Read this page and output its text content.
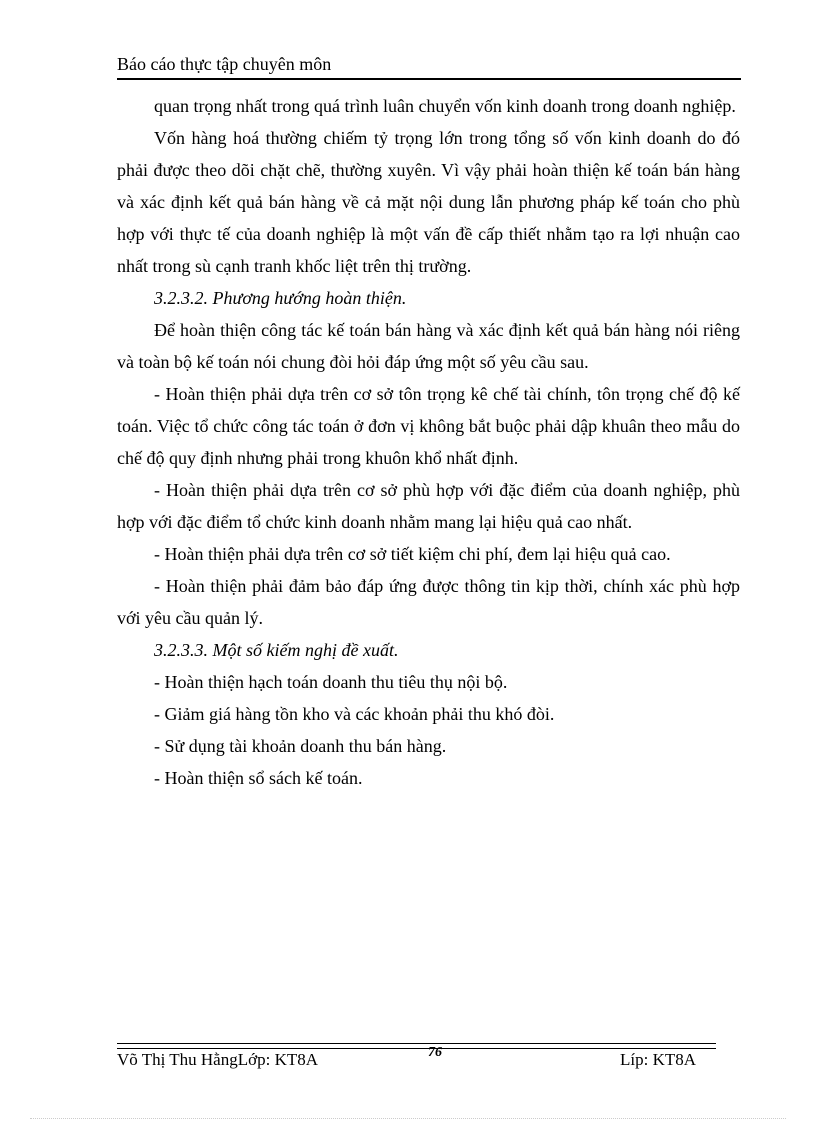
Báo cáo thực tập chuyên môn

quan trọng nhất trong quá trình luân chuyển vốn kinh doanh trong doanh nghiệp.

Vốn hàng hoá thường chiếm tỷ trọng lớn trong tổng số vốn kinh doanh do đó phải được theo dõi chặt chẽ, thường xuyên. Vì vậy phải hoàn thiện kế toán bán hàng và xác định kết quả bán hàng về cả mặt nội dung lẫn phương pháp kế toán cho phù hợp với thực tế của doanh nghiệp là một vấn đề cấp thiết nhằm tạo ra lợi nhuận cao nhất trong sù cạnh tranh khốc liệt trên thị trường.

3.2.3.2. Phương hướng hoàn thiện.

Để hoàn thiện công tác kế toán bán hàng và xác định kết quả bán hàng nói riêng và toàn bộ kế toán nói chung đòi hỏi đáp ứng một số yêu cầu sau.

- Hoàn thiện phải dựa trên cơ sở tôn trọng kê chế tài chính, tôn trọng chế độ kế toán. Việc tổ chức công tác toán ở đơn vị không bắt buộc phải dập khuân theo mẫu do chế độ quy định nhưng phải trong khuôn khổ nhất định.

- Hoàn thiện phải dựa trên cơ sở phù hợp với đặc điểm của doanh nghiệp, phù hợp với đặc điểm tổ chức kinh doanh nhằm mang lại hiệu quả cao nhất.

- Hoàn thiện phải dựa trên cơ sở tiết kiệm chi phí, đem lại hiệu quả cao.

- Hoàn thiện phải đảm bảo đáp ứng được thông tin kịp thời, chính xác phù hợp với yêu cầu quản lý.

3.2.3.3. Một số kiếm nghị đề xuất.

- Hoàn thiện hạch toán doanh thu tiêu thụ nội bộ.

- Giảm giá hàng tồn kho và các khoản phải thu khó đòi.

- Sử dụng tài khoản doanh thu bán hàng.

- Hoàn thiện sổ sách kế toán.

Võ Thị Thu HằngLớp: KT8A	76	Líp: KT8A
